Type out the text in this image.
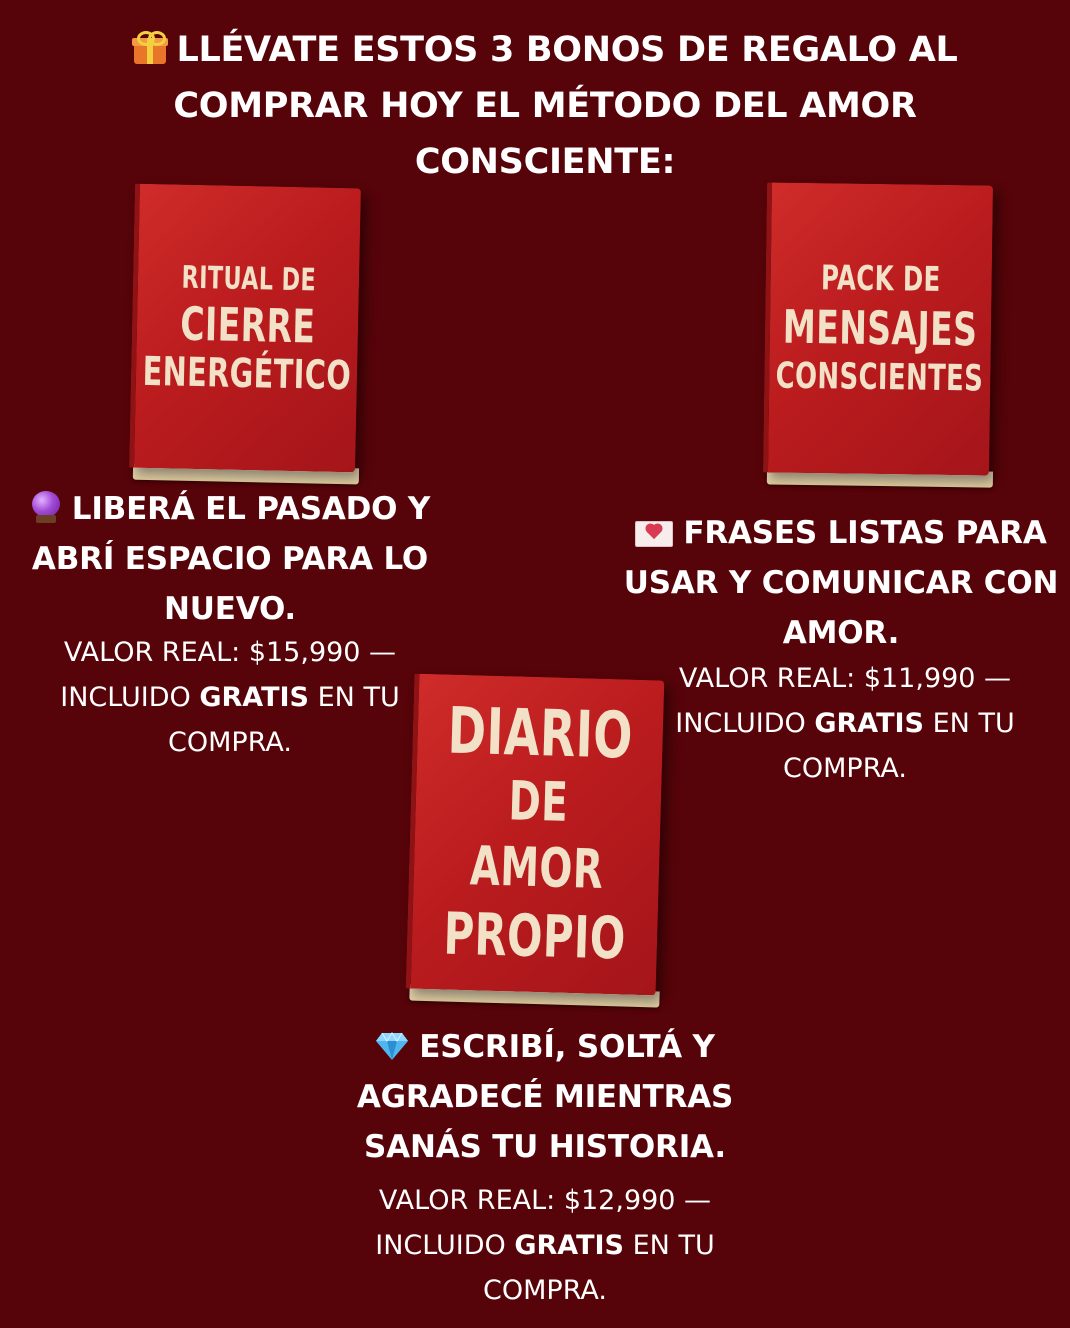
LLÉVATE ESTOS 3 BONOS DE REGALO AL COMPRAR HOY EL MÉTODO DEL AMOR CONSCIENTE:
RITUAL DE
CIERRE
ENERGÉTICO
LIBERÁ EL PASADO Y ABRÍ ESPACIO PARA LO NUEVO.
VALOR REAL: $15,990 — INCLUIDO GRATIS EN TU COMPRA.
PACK DE
MENSAJES
CONSCIENTES
FRASES LISTAS PARA USAR Y COMUNICAR CON AMOR.
VALOR REAL: $11,990 — INCLUIDO GRATIS EN TU COMPRA.
DIARIO
DE AMOR
PROPIO
ESCRIBÍ, SOLTÁ Y AGRADECÉ MIENTRAS SANÁS TU HISTORIA.
VALOR REAL: $12,990 — INCLUIDO GRATIS EN TU COMPRA.
